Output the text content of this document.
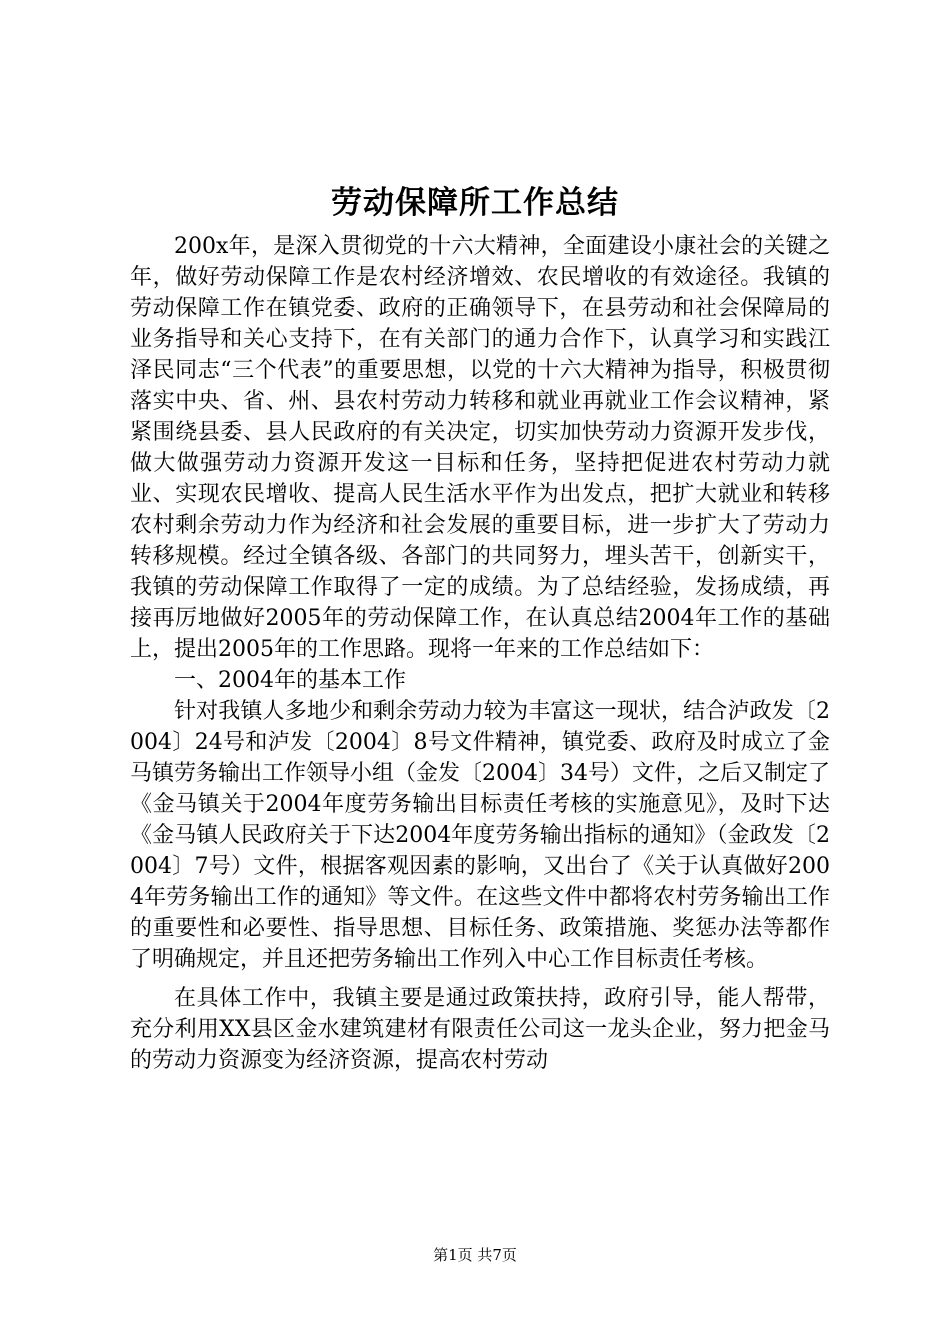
劳动保障所工作总结

200x年，是深入贯彻党的十六大精神，全面建设小康社会的关键之年，做好劳动保障工作是农村经济增效、农民增收的有效途径。我镇的劳动保障工作在镇党委、政府的正确领导下，在县劳动和社会保障局的业务指导和关心支持下，在有关部门的通力合作下，认真学习和实践江泽民同志“三个代表”的重要思想，以党的十六大精神为指导，积极贯彻落实中央、省、州、县农村劳动力转移和就业再就业工作会议精神，紧紧围绕县委、县人民政府的有关决定，切实加快劳动力资源开发步伐，做大做强劳动力资源开发这一目标和任务，坚持把促进农村劳动力就业、实现农民增收、提高人民生活水平作为出发点，把扩大就业和转移农村剩余劳动力作为经济和社会发展的重要目标，进一步扩大了劳动力转移规模。经过全镇各级、各部门的共同努力，埋头苦干，创新实干，我镇的劳动保障工作取得了一定的成绩。为了总结经验，发扬成绩，再接再厉地做好2005年的劳动保障工作，在认真总结2004年工作的基础上，提出2005年的工作思路。现将一年来的工作总结如下：

一、2004年的基本工作

针对我镇人多地少和剩余劳动力较为丰富这一现状，结合泸政发〔2004〕24号和泸发〔2004〕8号文件精神，镇党委、政府及时成立了金马镇劳务输出工作领导小组（金发〔2004〕34号）文件，之后又制定了《金马镇关于2004年度劳务输出目标责任考核的实施意见》，及时下达《金马镇人民政府关于下达2004年度劳务输出指标的通知》（金政发〔2004〕7号）文件，根据客观因素的影响，又出台了《关于认真做好2004年劳务输出工作的通知》等文件。在这些文件中都将农村劳务输出工作的重要性和必要性、指导思想、目标任务、政策措施、奖惩办法等都作了明确规定，并且还把劳务输出工作列入中心工作目标责任考核。

在具体工作中，我镇主要是通过政策扶持，政府引导，能人帮带，充分利用XX县区金水建筑建材有限责任公司这一龙头企业，努力把金马的劳动力资源变为经济资源，提高农村劳动

第1页 共7页
